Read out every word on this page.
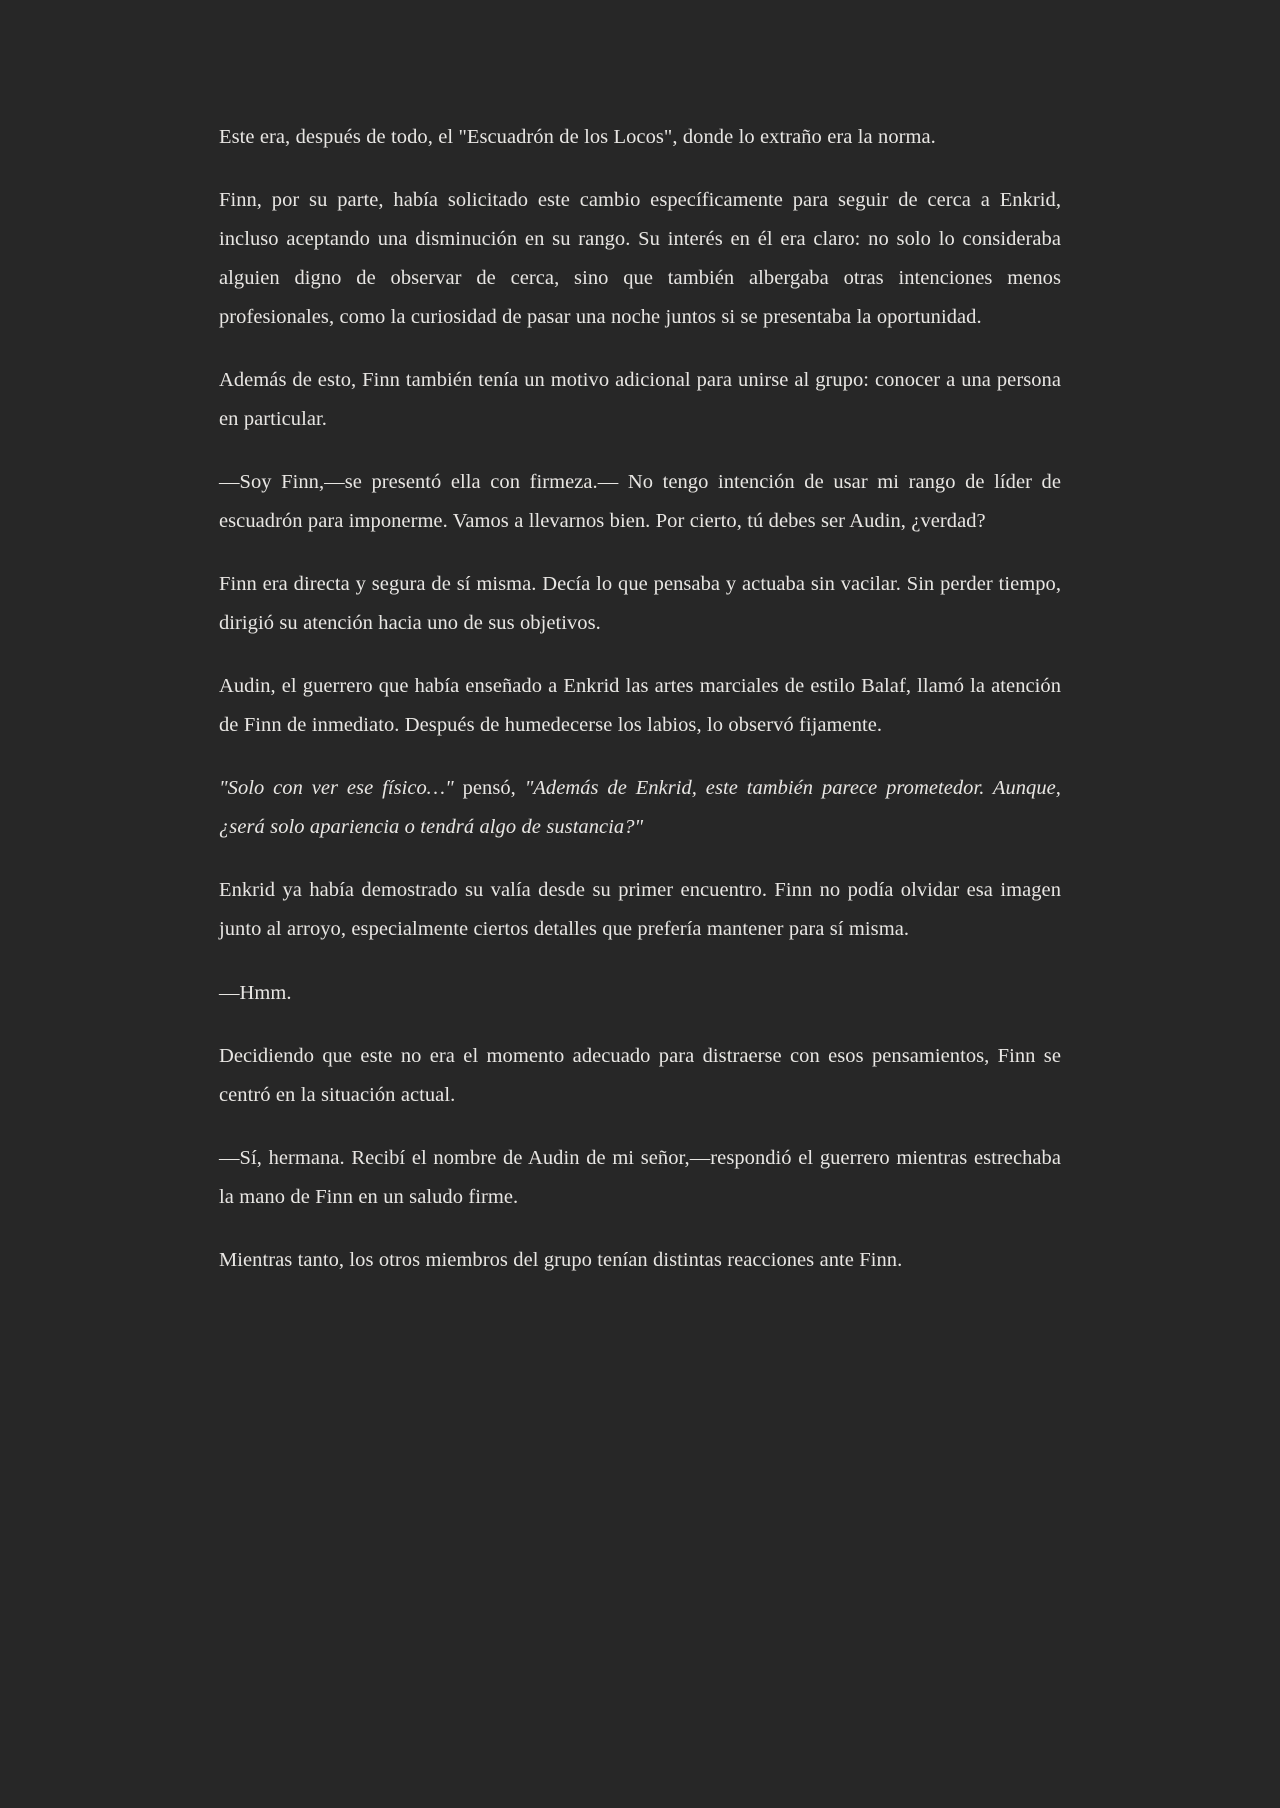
Este era, después de todo, el "Escuadrón de los Locos", donde lo extraño era la norma.

Finn, por su parte, había solicitado este cambio específicamente para seguir de cerca a Enkrid, incluso aceptando una disminución en su rango. Su interés en él era claro: no solo lo consideraba alguien digno de observar de cerca, sino que también albergaba otras intenciones menos profesionales, como la curiosidad de pasar una noche juntos si se presentaba la oportunidad.

Además de esto, Finn también tenía un motivo adicional para unirse al grupo: conocer a una persona en particular.

—Soy Finn,—se presentó ella con firmeza.— No tengo intención de usar mi rango de líder de escuadrón para imponerme. Vamos a llevarnos bien. Por cierto, tú debes ser Audin, ¿verdad?

Finn era directa y segura de sí misma. Decía lo que pensaba y actuaba sin vacilar. Sin perder tiempo, dirigió su atención hacia uno de sus objetivos.

Audin, el guerrero que había enseñado a Enkrid las artes marciales de estilo Balaf, llamó la atención de Finn de inmediato. Después de humedecerse los labios, lo observó fijamente.

"Solo con ver ese físico…" pensó, "Además de Enkrid, este también parece prometedor. Aunque, ¿será solo apariencia o tendrá algo de sustancia?"

Enkrid ya había demostrado su valía desde su primer encuentro. Finn no podía olvidar esa imagen junto al arroyo, especialmente ciertos detalles que prefería mantener para sí misma.

—Hmm.

Decidiendo que este no era el momento adecuado para distraerse con esos pensamientos, Finn se centró en la situación actual.

—Sí, hermana. Recibí el nombre de Audin de mi señor,—respondió el guerrero mientras estrechaba la mano de Finn en un saludo firme.

Mientras tanto, los otros miembros del grupo tenían distintas reacciones ante Finn.
